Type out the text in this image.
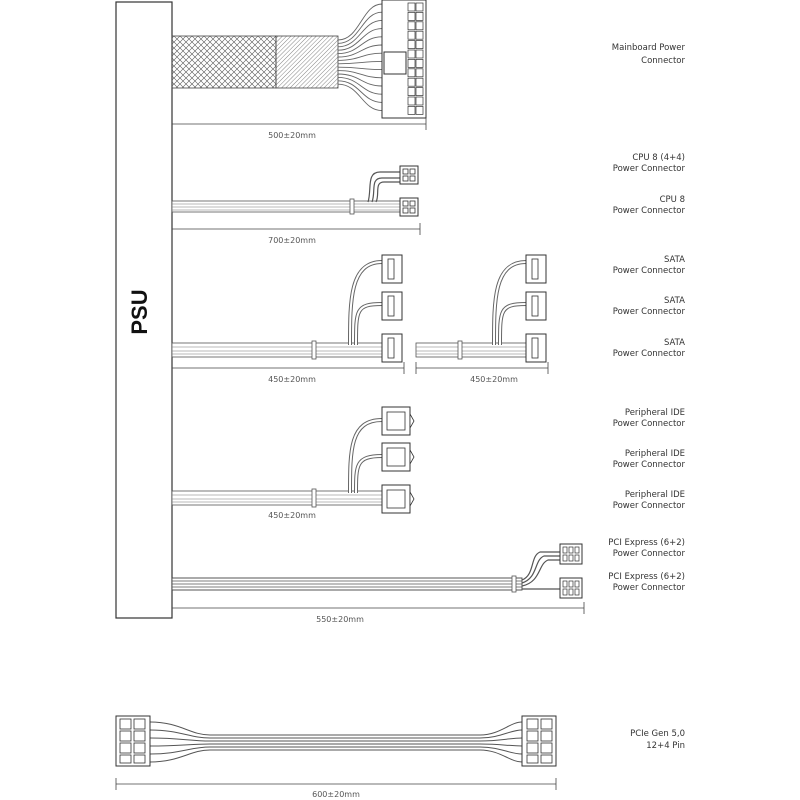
PSU
500±20mm
700±20mm
450±20mm	450±20mm
450±20mm
550±20mm
600±20mm
Mainboard Power
Connector
CPU 8 (4+4)
Power Connector
CPU 8
Power Connector
SATA
Power Connector
SATA
Power Connector
SATA
Power Connector
Peripheral IDE
Power Connector
Peripheral IDE
Power Connector
Peripheral IDE
Power Connector
PCI Express (6+2)
Power Connector
PCI Express (6+2)
Power Connector
PCIe Gen 5,0
12+4 Pin
